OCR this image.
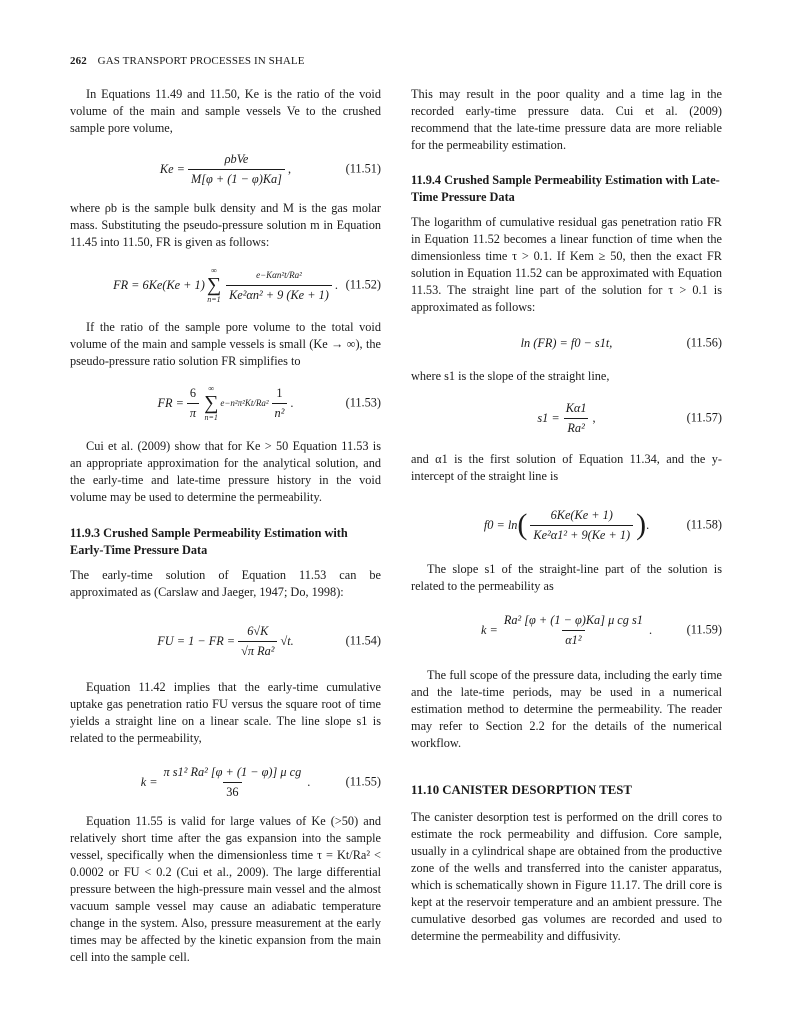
262 GAS TRANSPORT PROCESSES IN SHALE

In Equations 11.49 and 11.50, Ke is the ratio of the void volume of the main and sample vessels Ve to the crushed sample pore volume,

$Ke = \frac{\text{ρbVe}}{M[\varphi + (1 - \varphi)Ka]}$ ,	(11.51)

where ρb is the sample bulk density and M is the gas molar mass. Substituting the pseudo-pressure solution m in Equation 11.45 into 11.50, FR is given as follows:

FR = 6Ke(Ke + 1)
∞
∑
$n=1 \frac{\text{e−Kαn²t/Ra²}}{\text{Ke²αn² + 9 (Ke + 1)}}$ . (11.52)

If the ratio of the sample pore volume to the total void volume of the main and sample vessels is small (Ke → ∞), the pseudo-pressure ratio solution FR simplifies to

FR = $\frac{6}{\pi}$ ∞
∑
n=1
$e-n^2\pi^2Kt/Ra^2 \frac{1}{\text{n²}}$ .	(11.53)

Cui et al. (2009) show that for Ke > 50 Equation 11.53 is an appropriate approximation for the analytical solution, and the early-time and late-time pressure history in the void volume may be used to determine the permeability.

11.9.3 Crushed Sample Permeability Estimation with Early-Time Pressure Data

The early-time solution of Equation 11.53 can be approximated as (Carslaw and Jaeger, 1947; Do, 1998):

FU = 1 − FR = $\frac{6√K}{\text{√π Ra²}} √t$.	(11.54)

Equation 11.42 implies that the early-time cumulative uptake gas penetration ratio FU versus the square root of time yields a straight line on a linear scale. The line slope s1 is related to the permeability,

$k = \frac{\text{π s1² Ra² [φ + (1 − φ)] μ cg}}{36}$ .	(11.55)

Equation 11.55 is valid for large values of Ke (>50) and relatively short time after the gas expansion into the sample vessel, specifically when the dimensionless time τ = Kt/Ra² < 0.0002 or FU < 0.2 (Cui et al., 2009). The large differential pressure between the high-pressure main vessel and the almost vacuum sample vessel may cause an adiabatic temperature change in the system. Also, pressure measurement at the early times may be affected by the kinetic expansion from the main cell into the sample cell.

This may result in the poor quality and a time lag in the recorded early-time pressure data. Cui et al. (2009) recommend that the late-time pressure data are more reliable for the permeability estimation.

11.9.4 Crushed Sample Permeability Estimation with Late-Time Pressure Data

The logarithm of cumulative residual gas penetration ratio FR in Equation 11.52 becomes a linear function of time when the dimensionless time τ > 0.1. If Kem ≥ 50, then the exact FR solution in Equation 11.52 can be approximated with Equation 11.53. The straight line part of the solution for τ > 0.1 is approximated as follows:

ln (FR) = f0 − s1t,	(11.56)

where s1 is the slope of the straight line,

$s1 = \frac{K\alpha 1}{\text{Ra²}}$ ,	(11.57)

and α1 is the first solution of Equation 11.34, and the y-intercept of the straight line is

f0 = ln ( $\frac{6Ke(Ke + 1)}{\text{Ke²α1² + 9(Ke + 1)}}$ ) .	(11.58)

The slope s1 of the straight-line part of the solution is related to the permeability as

$k = \frac{\text{Ra² [φ + (1 − φ)Ka] μ cg s1}}{\text{α1²}}$ .	(11.59)

The full scope of the pressure data, including the early time and the late-time periods, may be used in a numerical estimation method to determine the permeability. The reader may refer to Section 2.2 for the details of the numerical workflow.

11.10 CANISTER DESORPTION TEST

The canister desorption test is performed on the drill cores to estimate the rock permeability and diffusion. Core sample, usually in a cylindrical shape are obtained from the productive zone of the wells and transferred into the canister apparatus, which is schematically shown in Figure 11.17. The drill core is kept at the reservoir temperature and an ambient pressure. The cumulative desorbed gas volumes are recorded and used to determine the permeability and diffusivity.
